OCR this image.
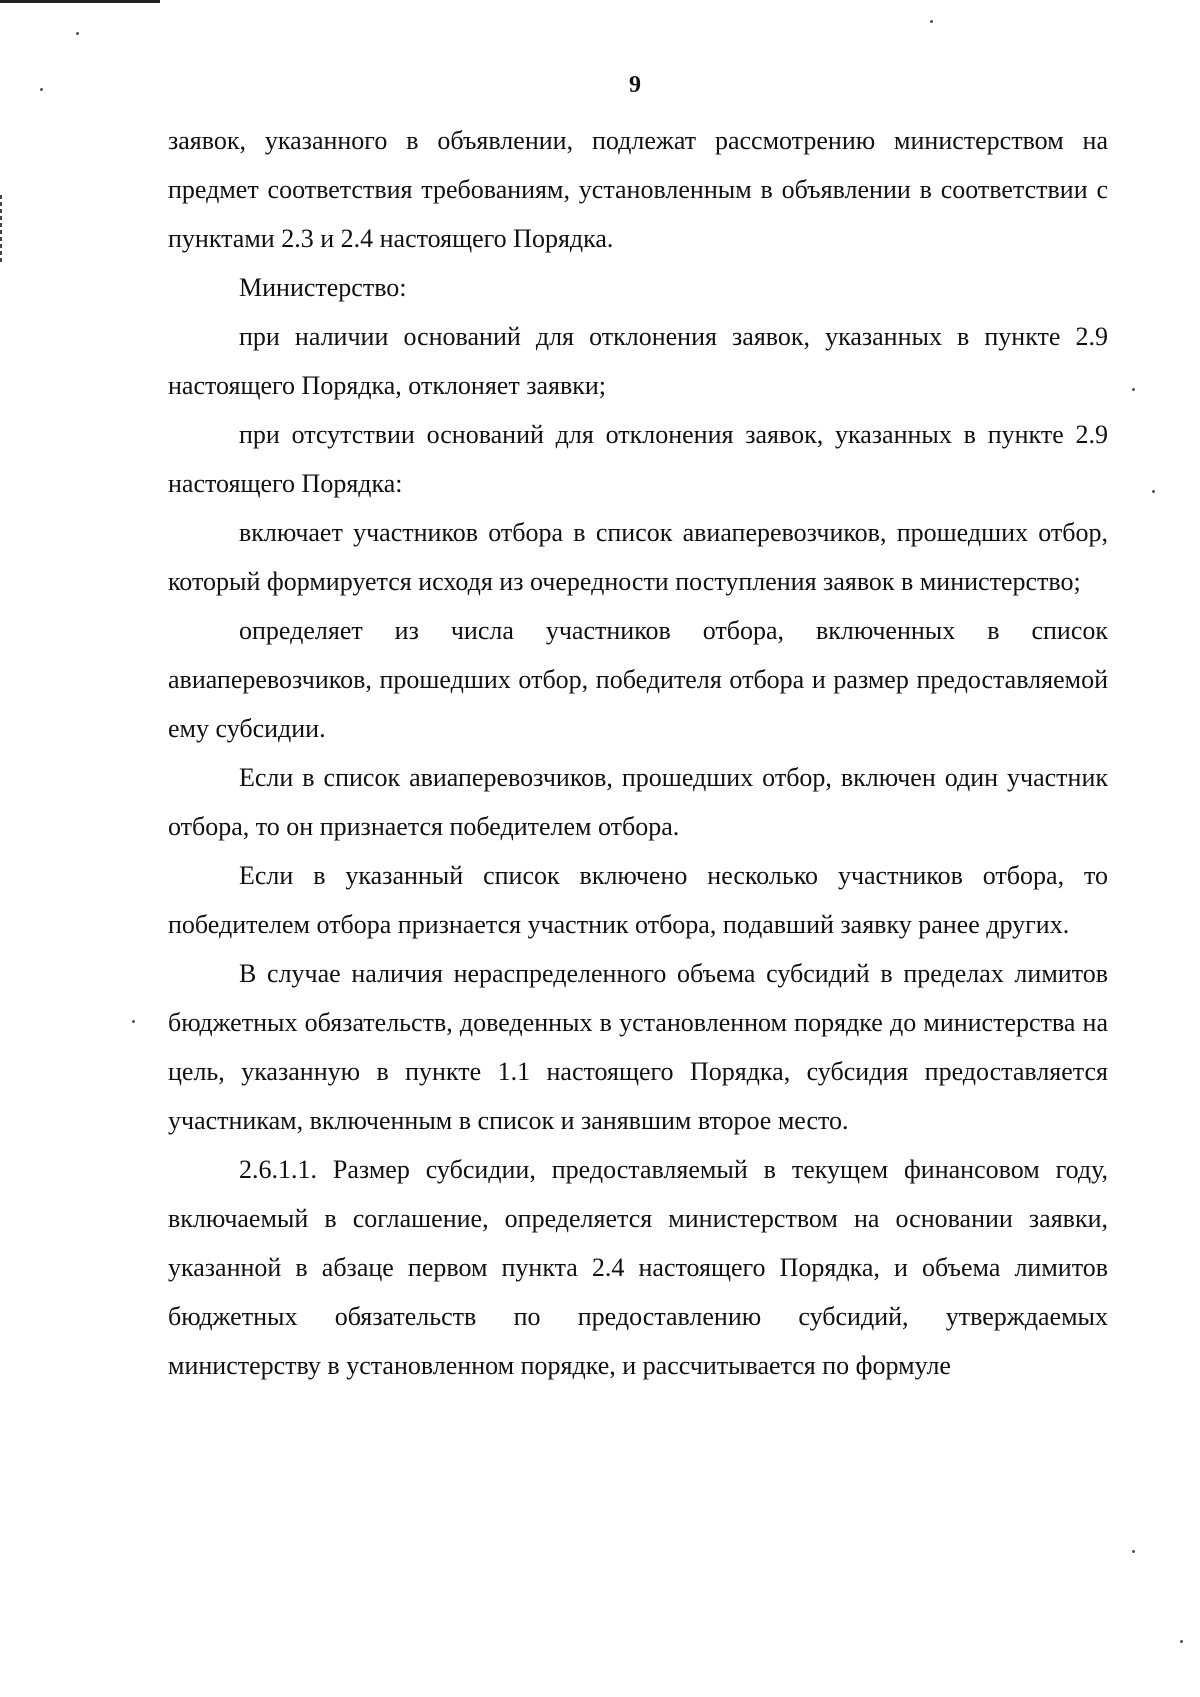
9

заявок, указанного в объявлении, подлежат рассмотрению министерством на предмет соответствия требованиям, установленным в объявлении в соответствии с пунктами 2.3 и 2.4 настоящего Порядка.

Министерство:

при наличии оснований для отклонения заявок, указанных в пункте 2.9 настоящего Порядка, отклоняет заявки;

при отсутствии оснований для отклонения заявок, указанных в пункте 2.9 настоящего Порядка:

включает участников отбора в список авиаперевозчиков, прошедших отбор, который формируется исходя из очередности поступления заявок в министерство;

определяет из числа участников отбора, включенных в список авиаперевозчиков, прошедших отбор, победителя отбора и размер предоставляемой ему субсидии.

Если в список авиаперевозчиков, прошедших отбор, включен один участник отбора, то он признается победителем отбора.

Если в указанный список включено несколько участников отбора, то победителем отбора признается участник отбора, подавший заявку ранее других.

В случае наличия нераспределенного объема субсидий в пределах лимитов бюджетных обязательств, доведенных в установленном порядке до министерства на цель, указанную в пункте 1.1 настоящего Порядка, субсидия предоставляется участникам, включенным в список и занявшим второе место.

2.6.1.1. Размер субсидии, предоставляемый в текущем финансовом году, включаемый в соглашение, определяется министерством на основании заявки, указанной в абзаце первом пункта 2.4 настоящего Порядка, и объема лимитов бюджетных обязательств по предоставлению субсидий, утверждаемых министерству в установленном порядке, и рассчитывается по формуле
